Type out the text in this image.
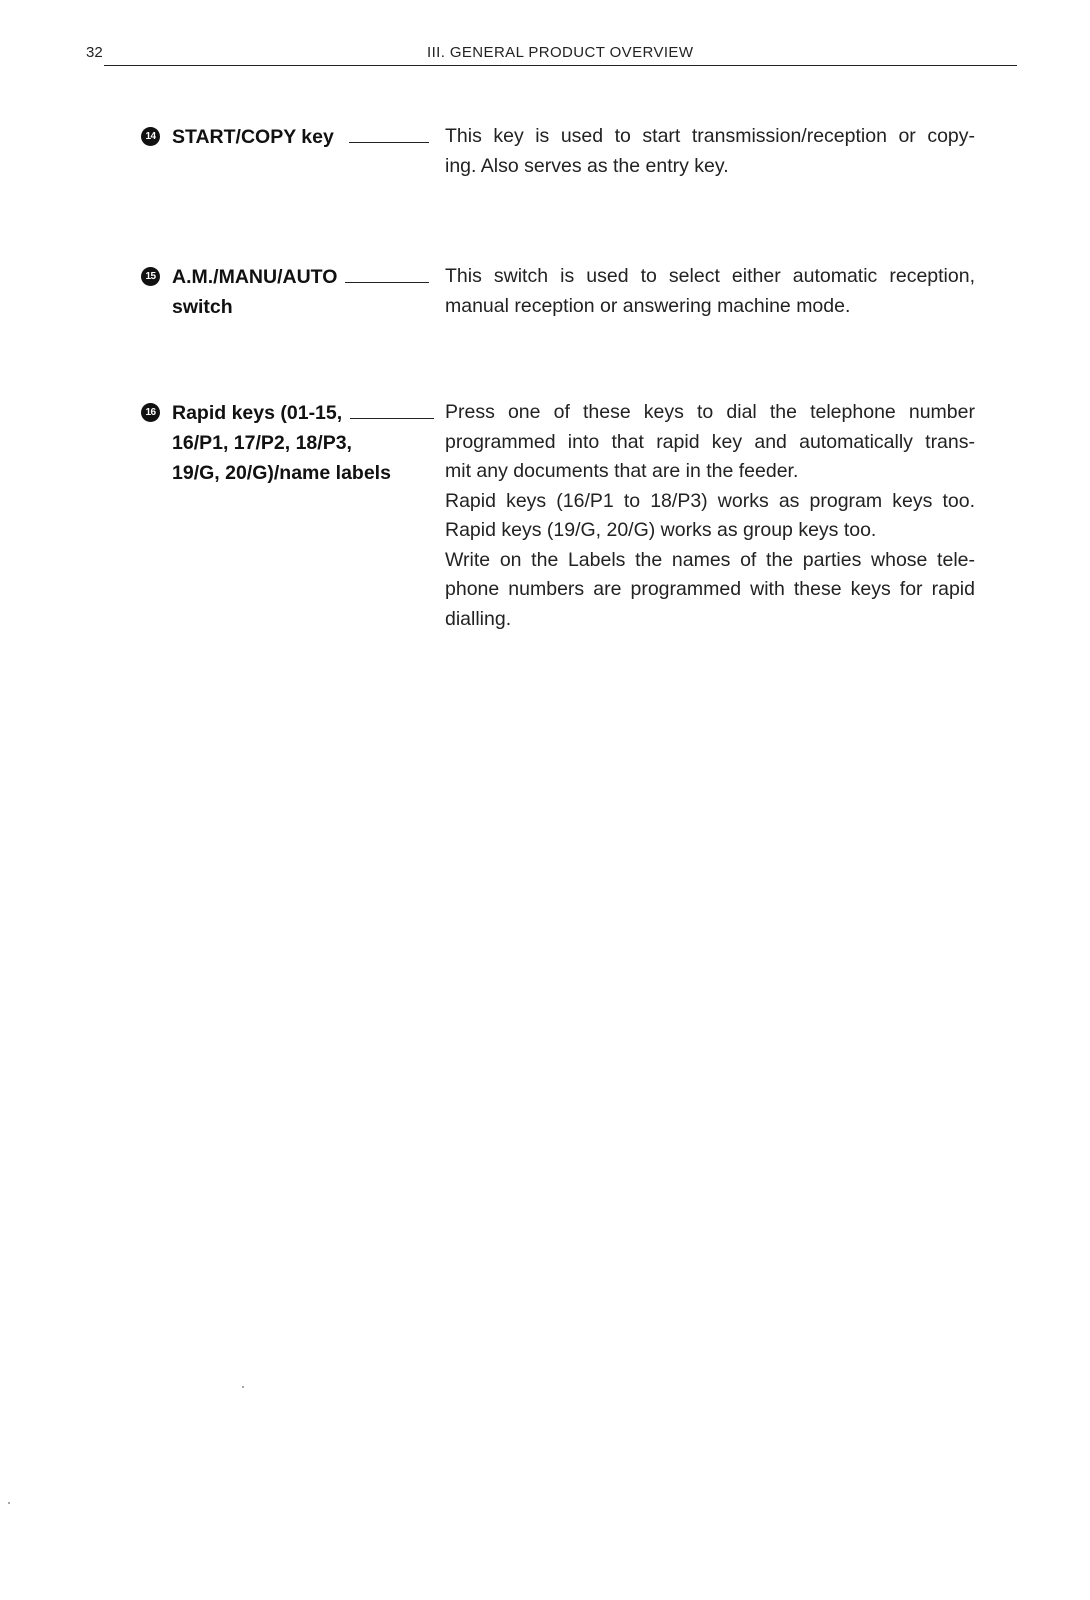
32	III. GENERAL PRODUCT OVERVIEW
14 START/COPY key	This key is used to start transmission/reception or copy-
ing. Also serves as the entry key.
15 A.M./MANU/AUTO
switch
This switch is used to select either automatic reception,
manual reception or answering machine mode.
16 Rapid keys (01-15,
16/P1, 17/P2, 18/P3,
19/G, 20/G)/name labels
Press one of these keys to dial the telephone number
programmed into that rapid key and automatically trans-
mit any documents that are in the feeder.
Rapid keys (16/P1 to 18/P3) works as program keys too.
Rapid keys (19/G, 20/G) works as group keys too.
Write on the Labels the names of the parties whose tele-
phone numbers are programmed with these keys for rapid
dialling.
